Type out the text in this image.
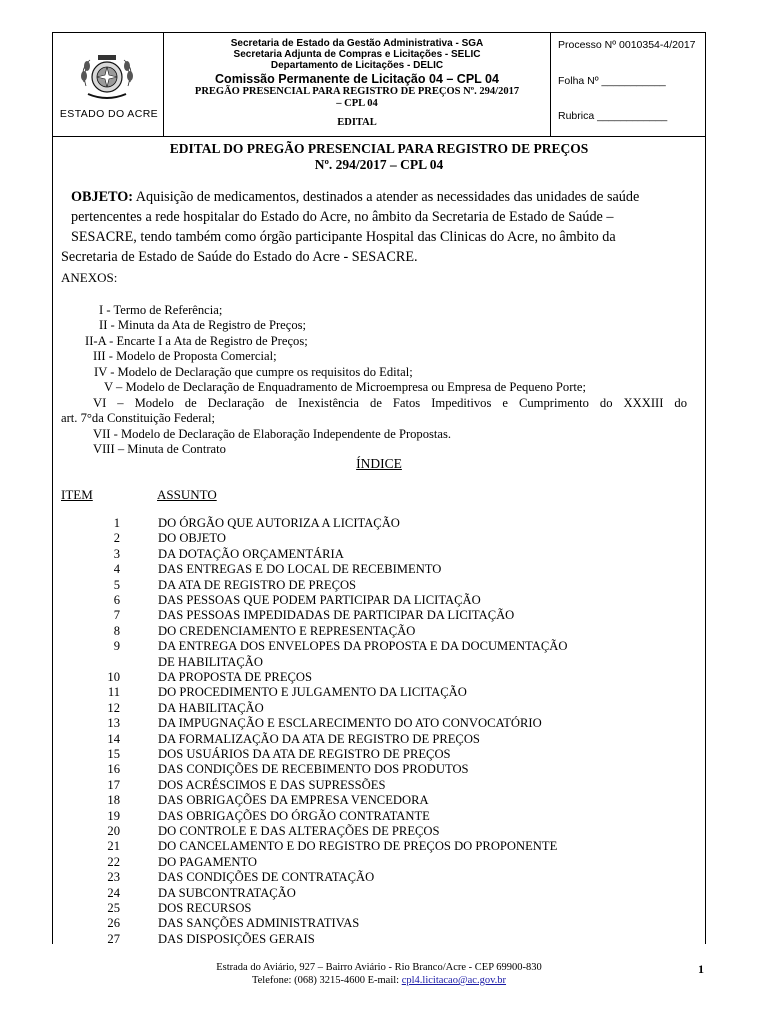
ESTADO DO ACRE
Secretaria de Estado da Gestão Administrativa - SGA
Secretaria Adjunta de Compras e Licitações - SELIC
Departamento de Licitações - DELIC
Comissão Permanente de Licitação 04 – CPL 04
PREGÃO PRESENCIAL PARA REGISTRO DE PREÇOS Nº. 294/2017
– CPL 04
EDITAL
Processo Nº 0010354-4/2017
Folha Nº ___________
Rubrica ____________
EDITAL DO PREGÃO PRESENCIAL PARA REGISTRO DE PREÇOS
Nº. 294/2017 – CPL 04
OBJETO: Aquisição de medicamentos, destinados a atender as necessidades das unidades de saúde
pertencentes a rede hospitalar do Estado do Acre, no âmbito da Secretaria de Estado de Saúde –
SESACRE, tendo também como órgão participante Hospital das Clinicas do Acre, no âmbito da
Secretaria de Estado de Saúde do Estado do Acre - SESACRE.
ANEXOS:
I - Termo de Referência;
II - Minuta da Ata de Registro de Preços;
II-A - Encarte I a Ata de Registro de Preços;
III - Modelo de Proposta Comercial;
IV - Modelo de Declaração que cumpre os requisitos do Edital;
V – Modelo de Declaração de Enquadramento de Microempresa ou Empresa de Pequeno Porte;
VI – Modelo de Declaração de Inexistência de Fatos Impeditivos e Cumprimento do XXXIII do
art. 7°da Constituição Federal;
VII - Modelo de Declaração de Elaboração Independente de Propostas.
VIII – Minuta de Contrato
ÍNDICE
ITEM	ASSUNTO
1	DO ÓRGÃO QUE AUTORIZA A LICITAÇÃO
2	DO OBJETO
3	DA DOTAÇÃO ORÇAMENTÁRIA
4	DAS ENTREGAS E DO LOCAL DE RECEBIMENTO
5	DA ATA DE REGISTRO DE PREÇOS
6	DAS PESSOAS QUE PODEM PARTICIPAR DA LICITAÇÃO
7	DAS PESSOAS IMPEDIDADAS DE PARTICIPAR DA LICITAÇÃO
8	DO CREDENCIAMENTO E REPRESENTAÇÃO
9	DA ENTREGA DOS ENVELOPES DA PROPOSTA E DA DOCUMENTAÇÃO
DE HABILITAÇÃO
10	DA PROPOSTA DE PREÇOS
11	DO PROCEDIMENTO E JULGAMENTO DA LICITAÇÃO
12	DA HABILITAÇÃO
13	DA IMPUGNAÇÃO E ESCLARECIMENTO DO ATO CONVOCATÓRIO
14	DA FORMALIZAÇÃO DA ATA DE REGISTRO DE PREÇOS
15	DOS USUÁRIOS DA ATA DE REGISTRO DE PREÇOS
16	DAS CONDIÇÕES DE RECEBIMENTO DOS PRODUTOS
17	DOS ACRÉSCIMOS E DAS SUPRESSÕES
18	DAS OBRIGAÇÕES DA EMPRESA VENCEDORA
19	DAS OBRIGAÇÕES DO ÓRGÃO CONTRATANTE
20	DO CONTROLE E DAS ALTERAÇÕES DE PREÇOS
21	DO CANCELAMENTO E DO REGISTRO DE PREÇOS DO PROPONENTE
22	DO PAGAMENTO
23	DAS CONDIÇÕES DE CONTRATAÇÃO
24	DA SUBCONTRATAÇÃO
25	DOS RECURSOS
26	DAS SANÇÕES ADMINISTRATIVAS
27	DAS DISPOSIÇÕES GERAIS
Estrada do Aviário, 927 – Bairro Aviário - Rio Branco/Acre - CEP 69900-830
Telefone: (068) 3215-4600 E-mail: cpl4.licitacao@ac.gov.br
1
